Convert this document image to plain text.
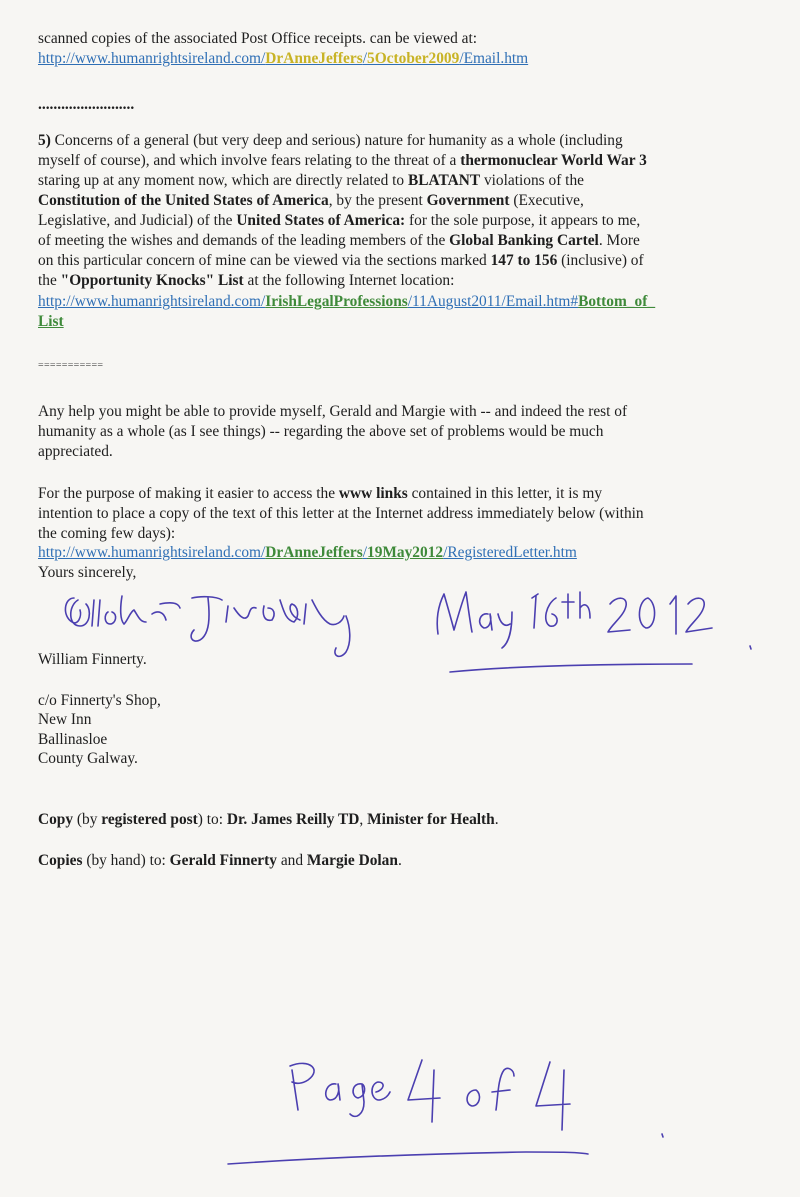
scanned copies of the associated Post Office receipts. can be viewed at:
http://www.humanrightsireland.com/DrAnneJeffers/5October2009/Email.htm
.........................
5) Concerns of a general (but very deep and serious) nature for humanity as a whole (including
myself of course), and which involve fears relating to the threat of a thermonuclear World War 3
staring up at any moment now, which are directly related to BLATANT violations of the
Constitution of the United States of America, by the present Government (Executive,
Legislative, and Judicial) of the United States of America: for the sole purpose, it appears to me,
of meeting the wishes and demands of the leading members of the Global Banking Cartel. More
on this particular concern of mine can be viewed via the sections marked 147 to 156 (inclusive) of
the "Opportunity Knocks" List at the following Internet location:
http://www.humanrightsireland.com/IrishLegalProfessions/11August2011/Email.htm#Bottom_of_
List
===========
Any help you might be able to provide myself, Gerald and Margie with -- and indeed the rest of
humanity as a whole (as I see things) -- regarding the above set of problems would be much
appreciated.
For the purpose of making it easier to access the www links contained in this letter, it is my
intention to place a copy of the text of this letter at the Internet address immediately below (within
the coming few days):
http://www.humanrightsireland.com/DrAnneJeffers/19May2012/RegisteredLetter.htm
Yours sincerely,
William Finnerty.
c/o Finnerty's Shop,
New Inn
Ballinasloe
County Galway.
Copy (by registered post) to: Dr. James Reilly TD, Minister for Health.
Copies (by hand) to: Gerald Finnerty and Margie Dolan.
